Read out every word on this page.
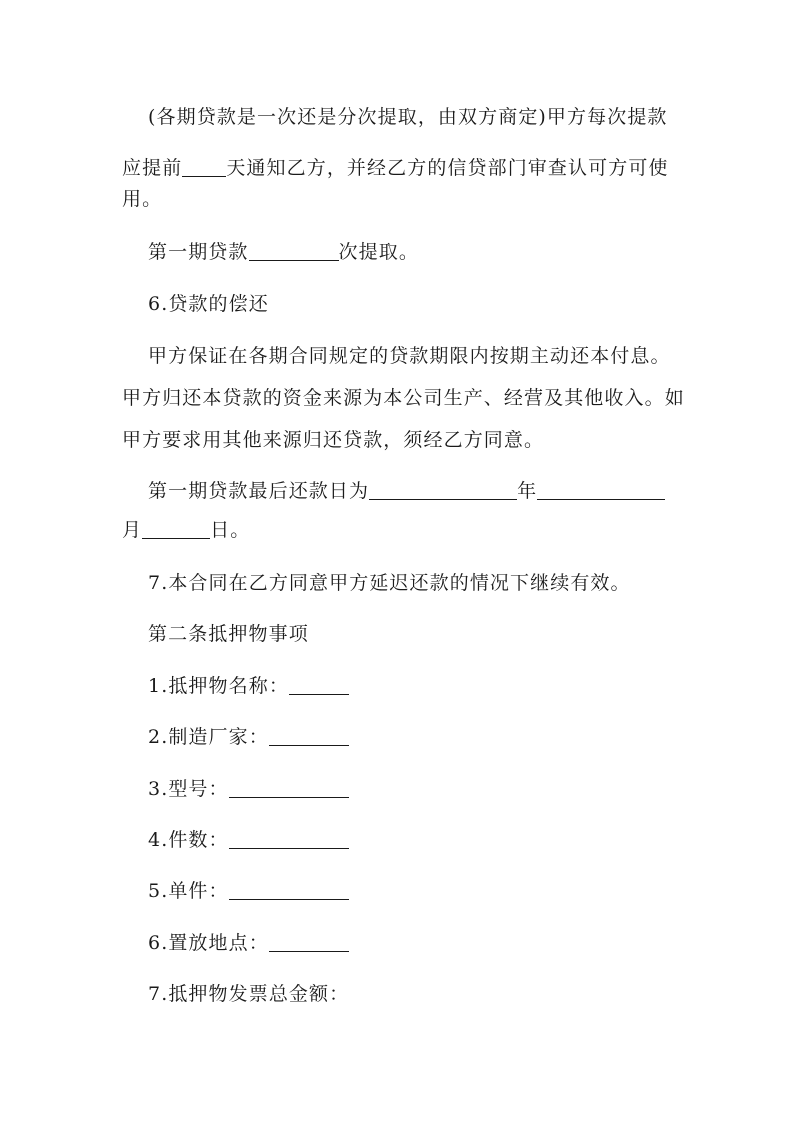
(各期贷款是一次还是分次提取，由双方商定)甲方每次提款
应提前 天通知乙方，并经乙方的信贷部门审查认可方可使
用。
第一期贷款	次提取。
6.贷款的偿还
甲方保证在各期合同规定的贷款期限内按期主动还本付息。
甲方归还本贷款的资金来源为本公司生产、经营及其他收入。如
甲方要求用其他来源归还贷款，须经乙方同意。
第一期贷款最后还款日为	年
月	日。
7.本合同在乙方同意甲方延迟还款的情况下继续有效。
第二条抵押物事项
1.抵押物名称：
2.制造厂家：
3.型号：
4.件数：
5.单件：
6.置放地点：
7.抵押物发票总金额：
